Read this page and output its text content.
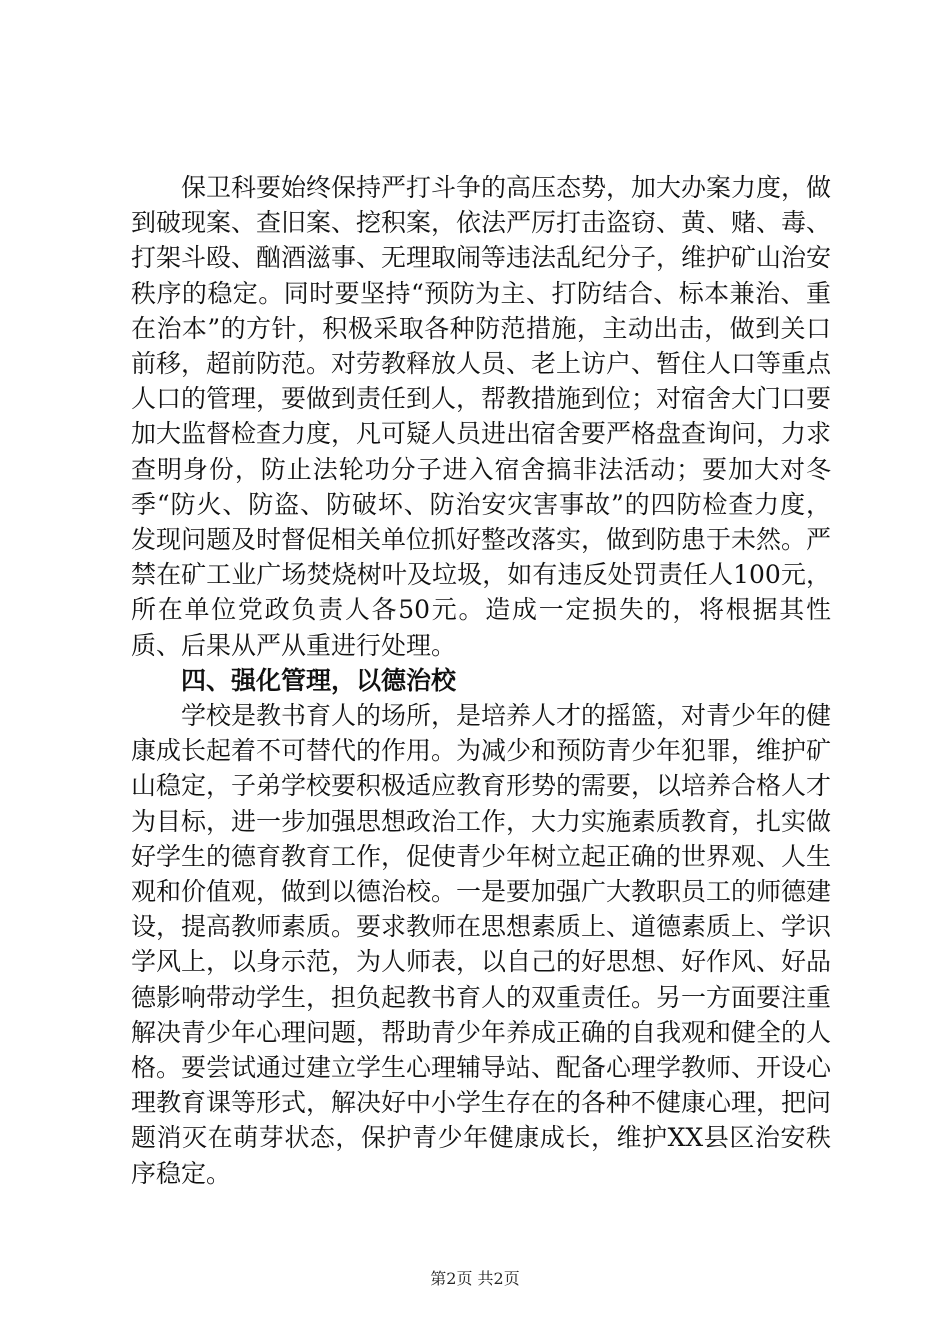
保卫科要始终保持严打斗争的高压态势，加大办案力度，做到破现案、查旧案、挖积案，依法严厉打击盗窃、黄、赌、毒、打架斗殴、酗酒滋事、无理取闹等违法乱纪分子，维护矿山治安秩序的稳定。同时要坚持“预防为主、打防结合、标本兼治、重在治本”的方针，积极采取各种防范措施，主动出击，做到关口前移，超前防范。对劳教释放人员、老上访户、暂住人口等重点人口的管理，要做到责任到人，帮教措施到位；对宿舍大门口要加大监督检查力度，凡可疑人员进出宿舍要严格盘查询问，力求查明身份，防止法轮功分子进入宿舍搞非法活动；要加大对冬季“防火、防盗、防破坏、防治安灾害事故”的四防检查力度，发现问题及时督促相关单位抓好整改落实，做到防患于未然。严禁在矿工业广场焚烧树叶及垃圾，如有违反处罚责任人100元，所在单位党政负责人各50元。造成一定损失的，将根据其性质、后果从严从重进行处理。

四、强化管理，以德治校

学校是教书育人的场所，是培养人才的摇篮，对青少年的健康成长起着不可替代的作用。为减少和预防青少年犯罪，维护矿山稳定，子弟学校要积极适应教育形势的需要，以培养合格人才为目标，进一步加强思想政治工作，大力实施素质教育，扎实做好学生的德育教育工作，促使青少年树立起正确的世界观、人生观和价值观，做到以德治校。一是要加强广大教职员工的师德建设，提高教师素质。要求教师在思想素质上、道德素质上、学识学风上，以身示范，为人师表，以自己的好思想、好作风、好品德影响带动学生，担负起教书育人的双重责任。另一方面要注重解决青少年心理问题，帮助青少年养成正确的自我观和健全的人格。要尝试通过建立学生心理辅导站、配备心理学教师、开设心理教育课等形式，解决好中小学生存在的各种不健康心理，把问题消灭在萌芽状态，保护青少年健康成长，维护XX县区治安秩序稳定。

第2页 共2页
